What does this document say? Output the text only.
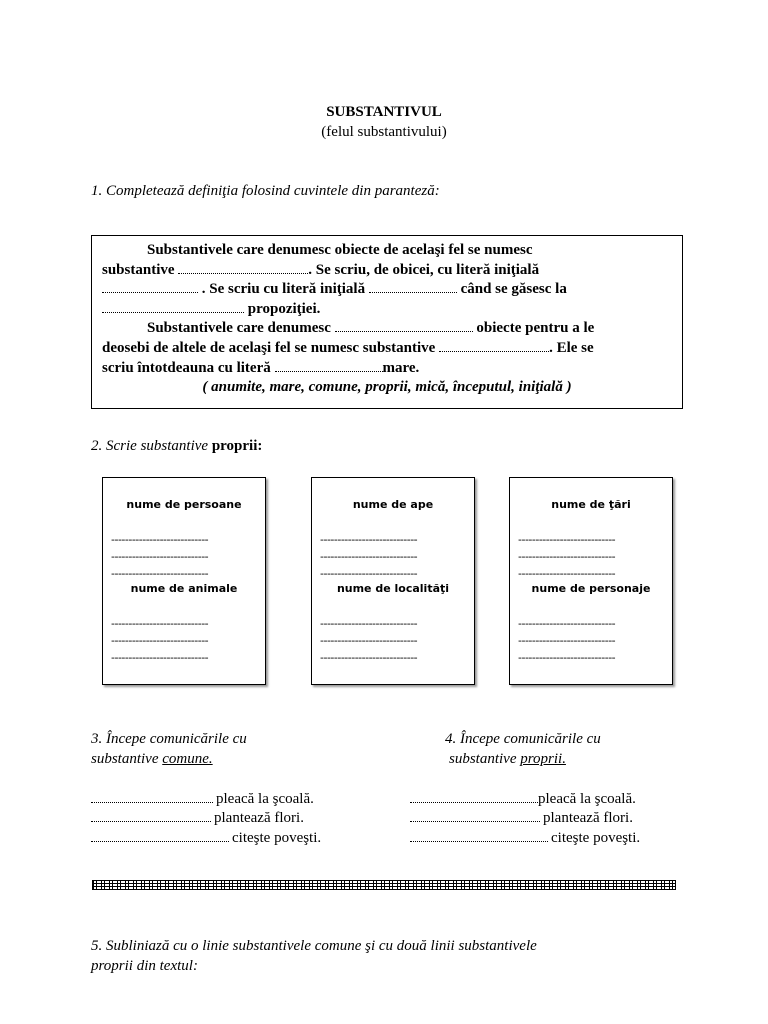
SUBSTANTIVUL
(felul substantivului)
1. Completează definiţia folosind cuvintele din paranteză:

Substantivele care denumesc obiecte de acelaşi fel se numesc

substantive	. Se scriu, de obicei, cu literă iniţială

. Se scriu cu literă iniţială	când se găsesc la

propoziţiei.

Substantivele care denumesc	obiecte pentru a le

deosebi de altele de acelaşi fel se numesc substantive	. Ele se

scriu întotdeauna cu literă	mare.

( anumite, mare, comune, proprii, mică, începutul, iniţială )

2. Scrie substantive proprii:
nume de persoane
----------------------------
----------------------------
----------------------------
nume de animale
----------------------------
----------------------------
----------------------------
nume de ape
----------------------------
----------------------------
----------------------------
nume de localităţi
----------------------------
----------------------------
----------------------------
nume de ţări
----------------------------
----------------------------
----------------------------
nume de personaje
----------------------------
----------------------------
----------------------------
3. Începe comunicările cu
substantive comune.
pleacă la şcoală.
plantează flori.
citeşte poveşti.
4. Începe comunicările cu
substantive proprii.
pleacă la şcoală.
plantează flori.
citeşte poveşti.
5. Subliniază cu o linie substantivele comune şi cu două linii substantivele
proprii din textul:
